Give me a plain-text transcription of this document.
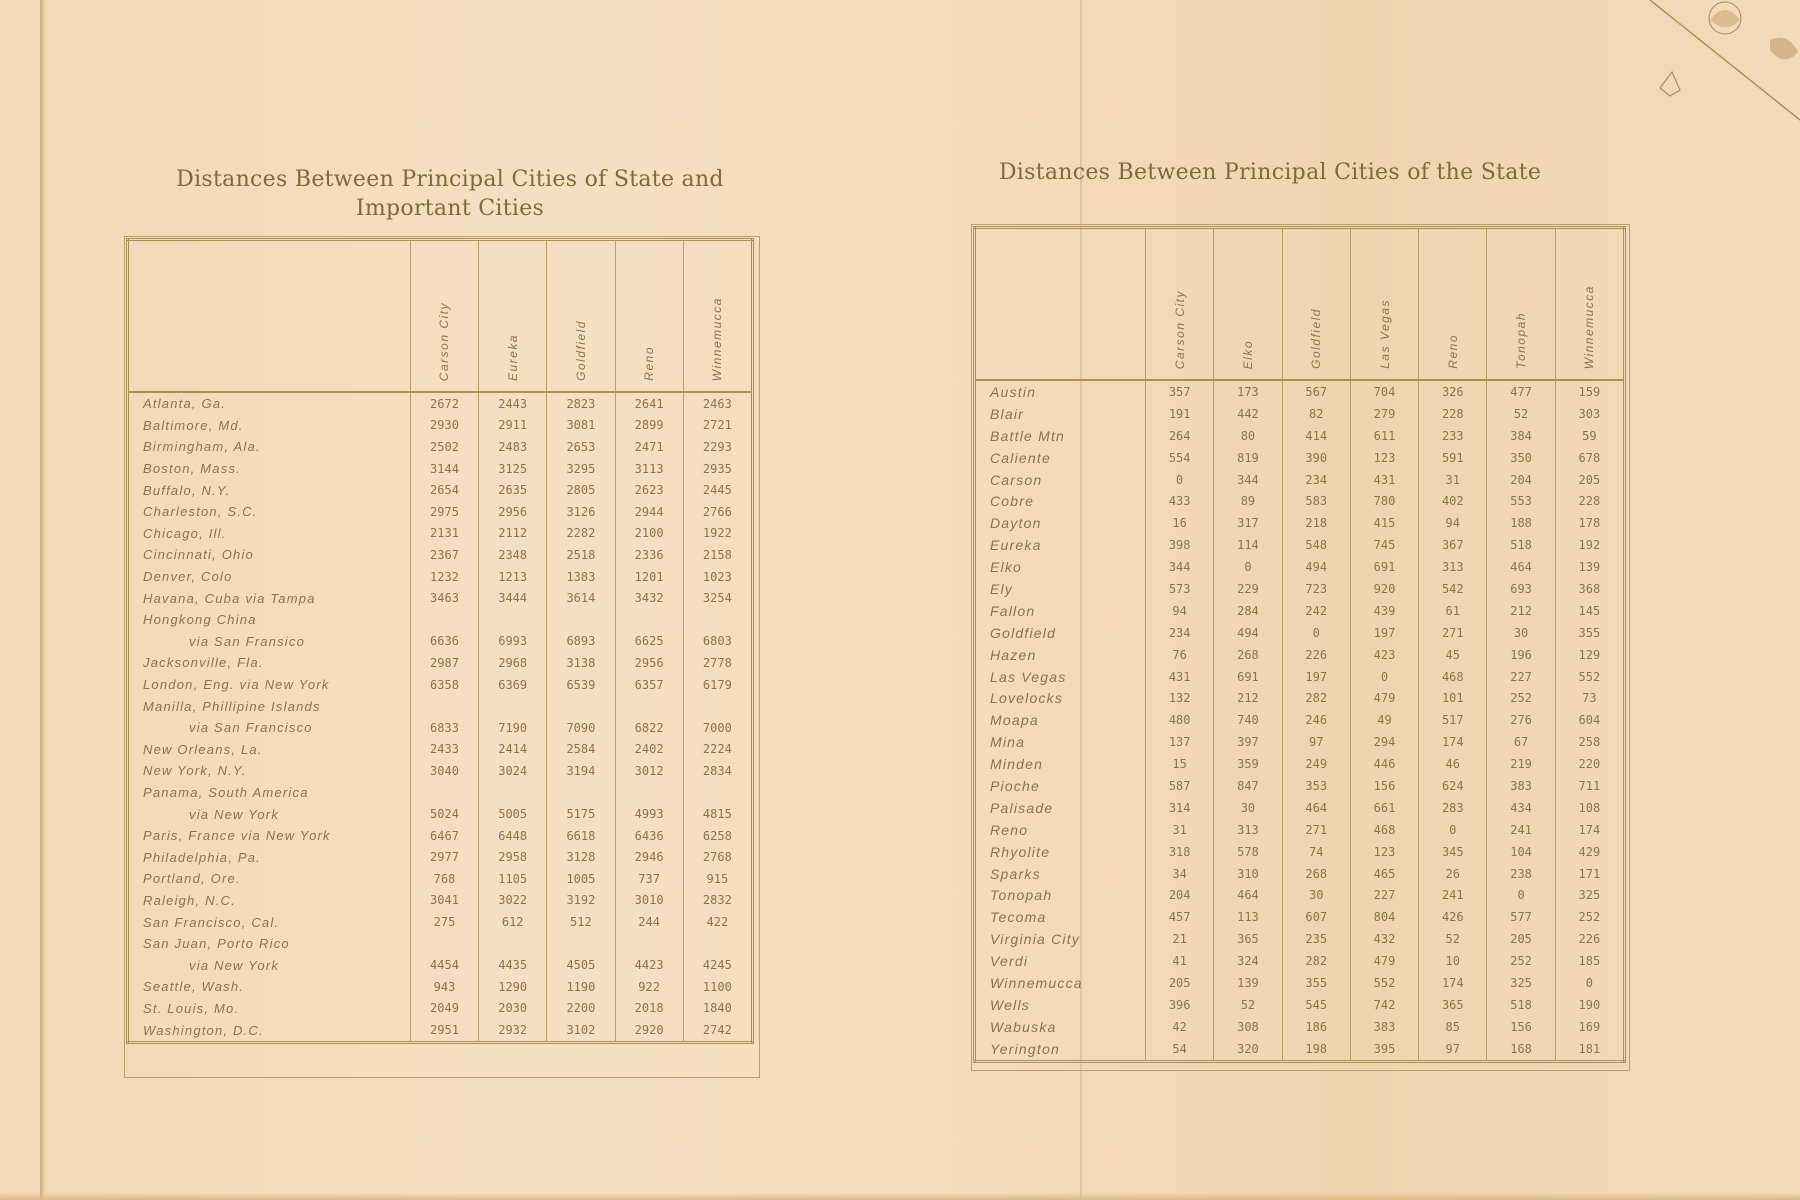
Distances Between Principal Cities of State and Important Cities
Distances Between Principal Cities of the State

	Carson City	Eureka	Goldfield	Reno	Winnemucca

Atlanta, Ga.	2672	2443	2823	2641	2463
Baltimore, Md.	2930	2911	3081	2899	2721
Birmingham, Ala.	2502	2483	2653	2471	2293
Boston, Mass.	3144	3125	3295	3113	2935
Buffalo, N.Y.	2654	2635	2805	2623	2445
Charleston, S.C.	2975	2956	3126	2944	2766
Chicago, Ill.	2131	2112	2282	2100	1922
Cincinnati, Ohio	2367	2348	2518	2336	2158
Denver, Colo	1232	1213	1383	1201	1023
Havana, Cuba via Tampa	3463	3444	3614	3432	3254
Hongkong China					
via San Fransico	6636	6993	6893	6625	6803
Jacksonville, Fla.	2987	2968	3138	2956	2778
London, Eng. via New York	6358	6369	6539	6357	6179
Manilla, Phillipine Islands					
via San Francisco	6833	7190	7090	6822	7000
New Orleans, La.	2433	2414	2584	2402	2224
New York, N.Y.	3040	3024	3194	3012	2834
Panama, South America					
via New York	5024	5005	5175	4993	4815
Paris, France via New York	6467	6448	6618	6436	6258
Philadelphia, Pa.	2977	2958	3128	2946	2768
Portland, Ore.	768	1105	1005	737	915
Raleigh, N.C.	3041	3022	3192	3010	2832
San Francisco, Cal.	275	612	512	244	422
San Juan, Porto Rico					
via New York	4454	4435	4505	4423	4245
Seattle, Wash.	943	1290	1190	922	1100
St. Louis, Mo.	2049	2030	2200	2018	1840
Washington, D.C.	2951	2932	3102	2920	2742

	Carson City	Elko	Goldfield	Las Vegas	Reno	Tonopah	Winnemucca

Austin	357	173	567	704	326	477	159
Blair	191	442	82	279	228	52	303
Battle Mtn	264	80	414	611	233	384	59
Caliente	554	819	390	123	591	350	678
Carson	0	344	234	431	31	204	205
Cobre	433	89	583	780	402	553	228
Dayton	16	317	218	415	94	188	178
Eureka	398	114	548	745	367	518	192
Elko	344	0	494	691	313	464	139
Ely	573	229	723	920	542	693	368
Fallon	94	284	242	439	61	212	145
Goldfield	234	494	0	197	271	30	355
Hazen	76	268	226	423	45	196	129
Las Vegas	431	691	197	0	468	227	552
Lovelocks	132	212	282	479	101	252	73
Moapa	480	740	246	49	517	276	604
Mina	137	397	97	294	174	67	258
Minden	15	359	249	446	46	219	220
Pioche	587	847	353	156	624	383	711
Palisade	314	30	464	661	283	434	108
Reno	31	313	271	468	0	241	174
Rhyolite	318	578	74	123	345	104	429
Sparks	34	310	268	465	26	238	171
Tonopah	204	464	30	227	241	0	325
Tecoma	457	113	607	804	426	577	252
Virginia City	21	365	235	432	52	205	226
Verdi	41	324	282	479	10	252	185
Winnemucca	205	139	355	552	174	325	0
Wells	396	52	545	742	365	518	190
Wabuska	42	308	186	383	85	156	169
Yerington	54	320	198	395	97	168	181
